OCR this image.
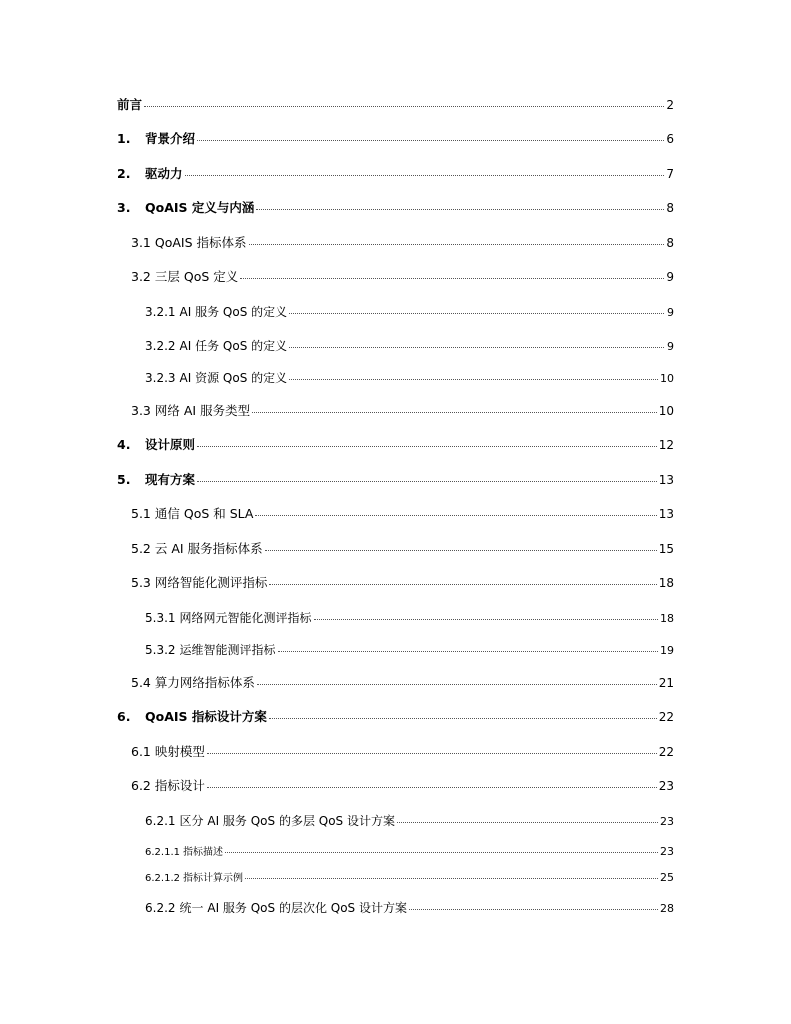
前言	2
1.	背景介绍	6
2.	驱动力	7
3.	QoAIS 定义与内涵	8
3.1 QoAIS 指标体系	8
3.2 三层 QoS 定义	9
3.2.1 AI 服务 QoS 的定义	9
3.2.2 AI 任务 QoS 的定义	9
3.2.3 AI 资源 QoS 的定义	10
3.3 网络 AI 服务类型	10
4.	设计原则	12
5.	现有方案	13
5.1 通信 QoS 和 SLA	13
5.2 云 AI 服务指标体系	15
5.3 网络智能化测评指标	18
5.3.1 网络网元智能化测评指标	18
5.3.2 运维智能测评指标	19
5.4 算力网络指标体系	21
6.	QoAIS 指标设计方案	22
6.1 映射模型	22
6.2 指标设计	23
6.2.1 区分 AI 服务 QoS 的多层 QoS 设计方案	23
6.2.1.1 指标描述	23
6.2.1.2 指标计算示例	25
6.2.2 统一 AI 服务 QoS 的层次化 QoS 设计方案	28
